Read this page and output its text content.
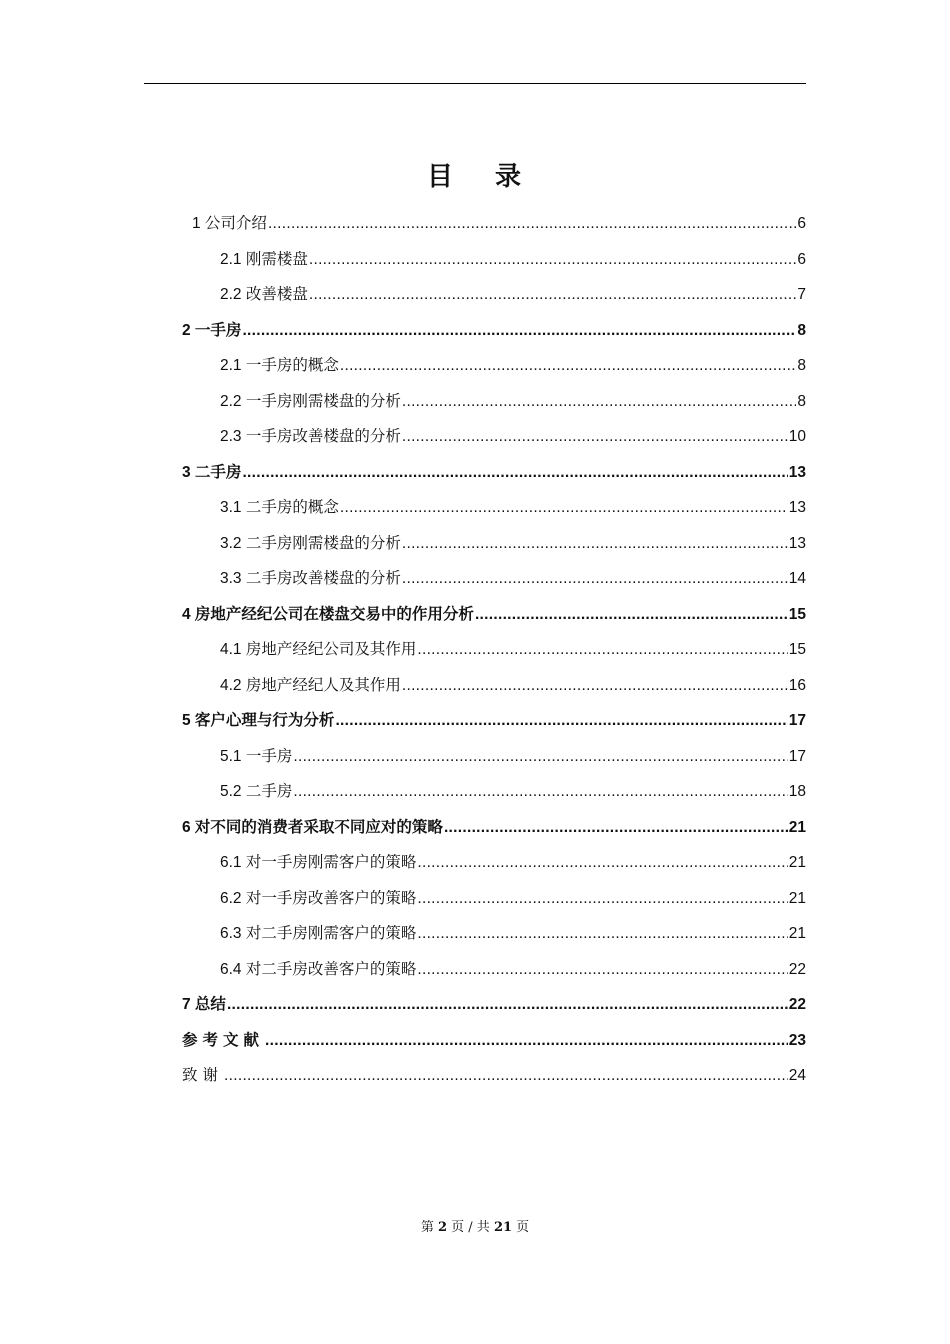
目 录
1 公司介绍 .....	6
2.1 刚需楼盘 .....	6
2.2 改善楼盘 .....	7
2 一手房 .....	8
2.1 一手房的概念 .....	8
2.2 一手房刚需楼盘的分析 .....	8
2.3 一手房改善楼盘的分析 .....	10
3 二手房 .....	13
3.1 二手房的概念 .....	13
3.2 二手房刚需楼盘的分析 .....	13
3.3 二手房改善楼盘的分析 .....	14
4 房地产经纪公司在楼盘交易中的作用分析 .....	15
4.1 房地产经纪公司及其作用 .....	15
4.2 房地产经纪人及其作用 .....	16
5 客户心理与行为分析 .....	17
5.1 一手房 .....	17
5.2 二手房 .....	18
6 对不同的消费者采取不同应对的策略 .....	21
6.1 对一手房刚需客户的策略 .....	21
6.2 对一手房改善客户的策略 .....	21
6.3 对二手房刚需客户的策略 .....	21
6.4 对二手房改善客户的策略 .....	22
7 总结 .....	22
参考文献 .....	23
致谢 .....	24
第 2 页 / 共 21 页
